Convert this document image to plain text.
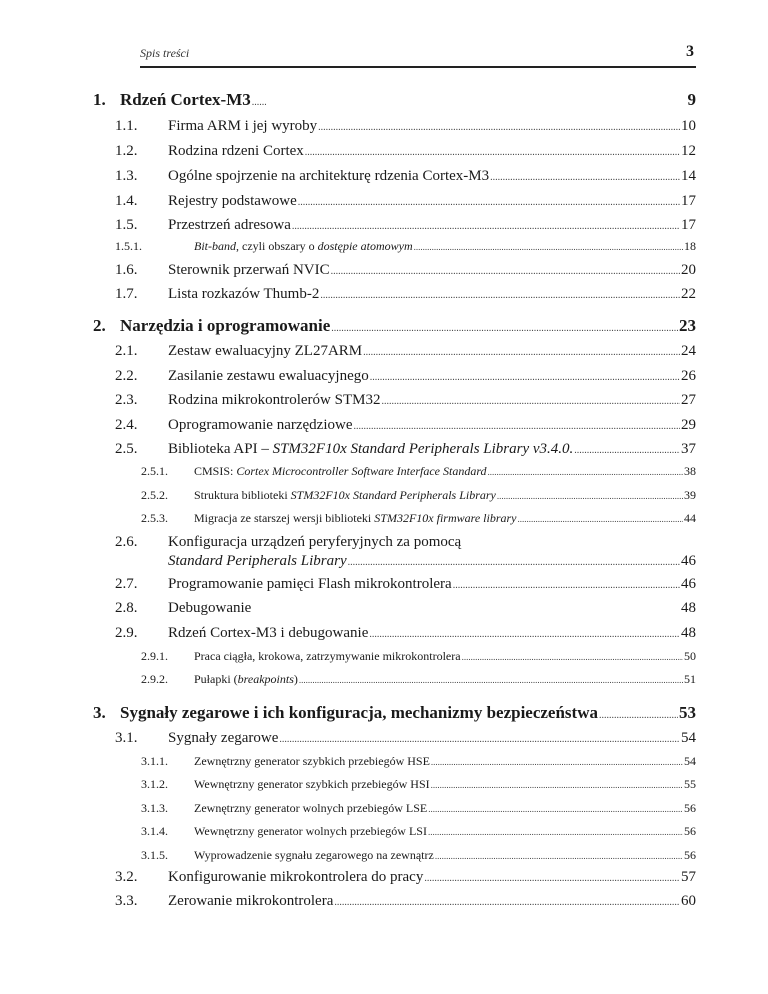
Spis treści	3
1. Rdzeń Cortex-M3 .....	9
1.1.	Firma ARM i jej wyroby .....	10
1.2.	Rodzina rdzeni Cortex .....	12
1.3.	Ogólne spojrzenie na architekturę rdzenia Cortex-M3 .....	14
1.4.	Rejestry podstawowe .....	17
1.5.	Przestrzeń adresowa .....	17
1.5.1.	Bit-band, czyli obszary o dostępie atomowym .....	18
1.6.	Sterownik przerwań NVIC .....	20
1.7.	Lista rozkazów Thumb-2 .....	22
2. Narzędzia i oprogramowanie .....	23
2.1.	Zestaw ewaluacyjny ZL27ARM .....	24
2.2.	Zasilanie zestawu ewaluacyjnego .....	26
2.3.	Rodzina mikrokontrolerów STM32 .....	27
2.4.	Oprogramowanie narzędziowe .....	29
2.5.	Biblioteka API – STM32F10x Standard Peripherals Library v3.4.0. .....	37
2.5.1.	CMSIS: Cortex Microcontroller Software Interface Standard .....	38
2.5.2.	Struktura biblioteki STM32F10x Standard Peripherals Library .....	39
2.5.3.	Migracja ze starszej wersji biblioteki STM32F10x firmware library .....	44
2.6. Konfiguracja urządzeń peryferyjnych za pomocą
Standard Peripherals Library .....	46
2.7.	Programowanie pamięci Flash mikrokontrolera .....	46
2.8.	Debugowanie	48
2.9.	Rdzeń Cortex-M3 i debugowanie .....	48
2.9.1.	Praca ciągła, krokowa, zatrzymywanie mikrokontrolera .....	50
2.9.2.	Pułapki (breakpoints) .....	51
3. Sygnały zegarowe i ich konfiguracja, mechanizmy bezpieczeństwa .....	53
3.1.	Sygnały zegarowe .....	54
3.1.1.	Zewnętrzny generator szybkich przebiegów HSE .....	54
3.1.2.	Wewnętrzny generator szybkich przebiegów HSI .....	55
3.1.3.	Zewnętrzny generator wolnych przebiegów LSE .....	56
3.1.4.	Wewnętrzny generator wolnych przebiegów LSI .....	56
3.1.5.	Wyprowadzenie sygnału zegarowego na zewnątrz .....	56
3.2.	Konfigurowanie mikrokontrolera do pracy .....	57
3.3.	Zerowanie mikrokontrolera .....	60
